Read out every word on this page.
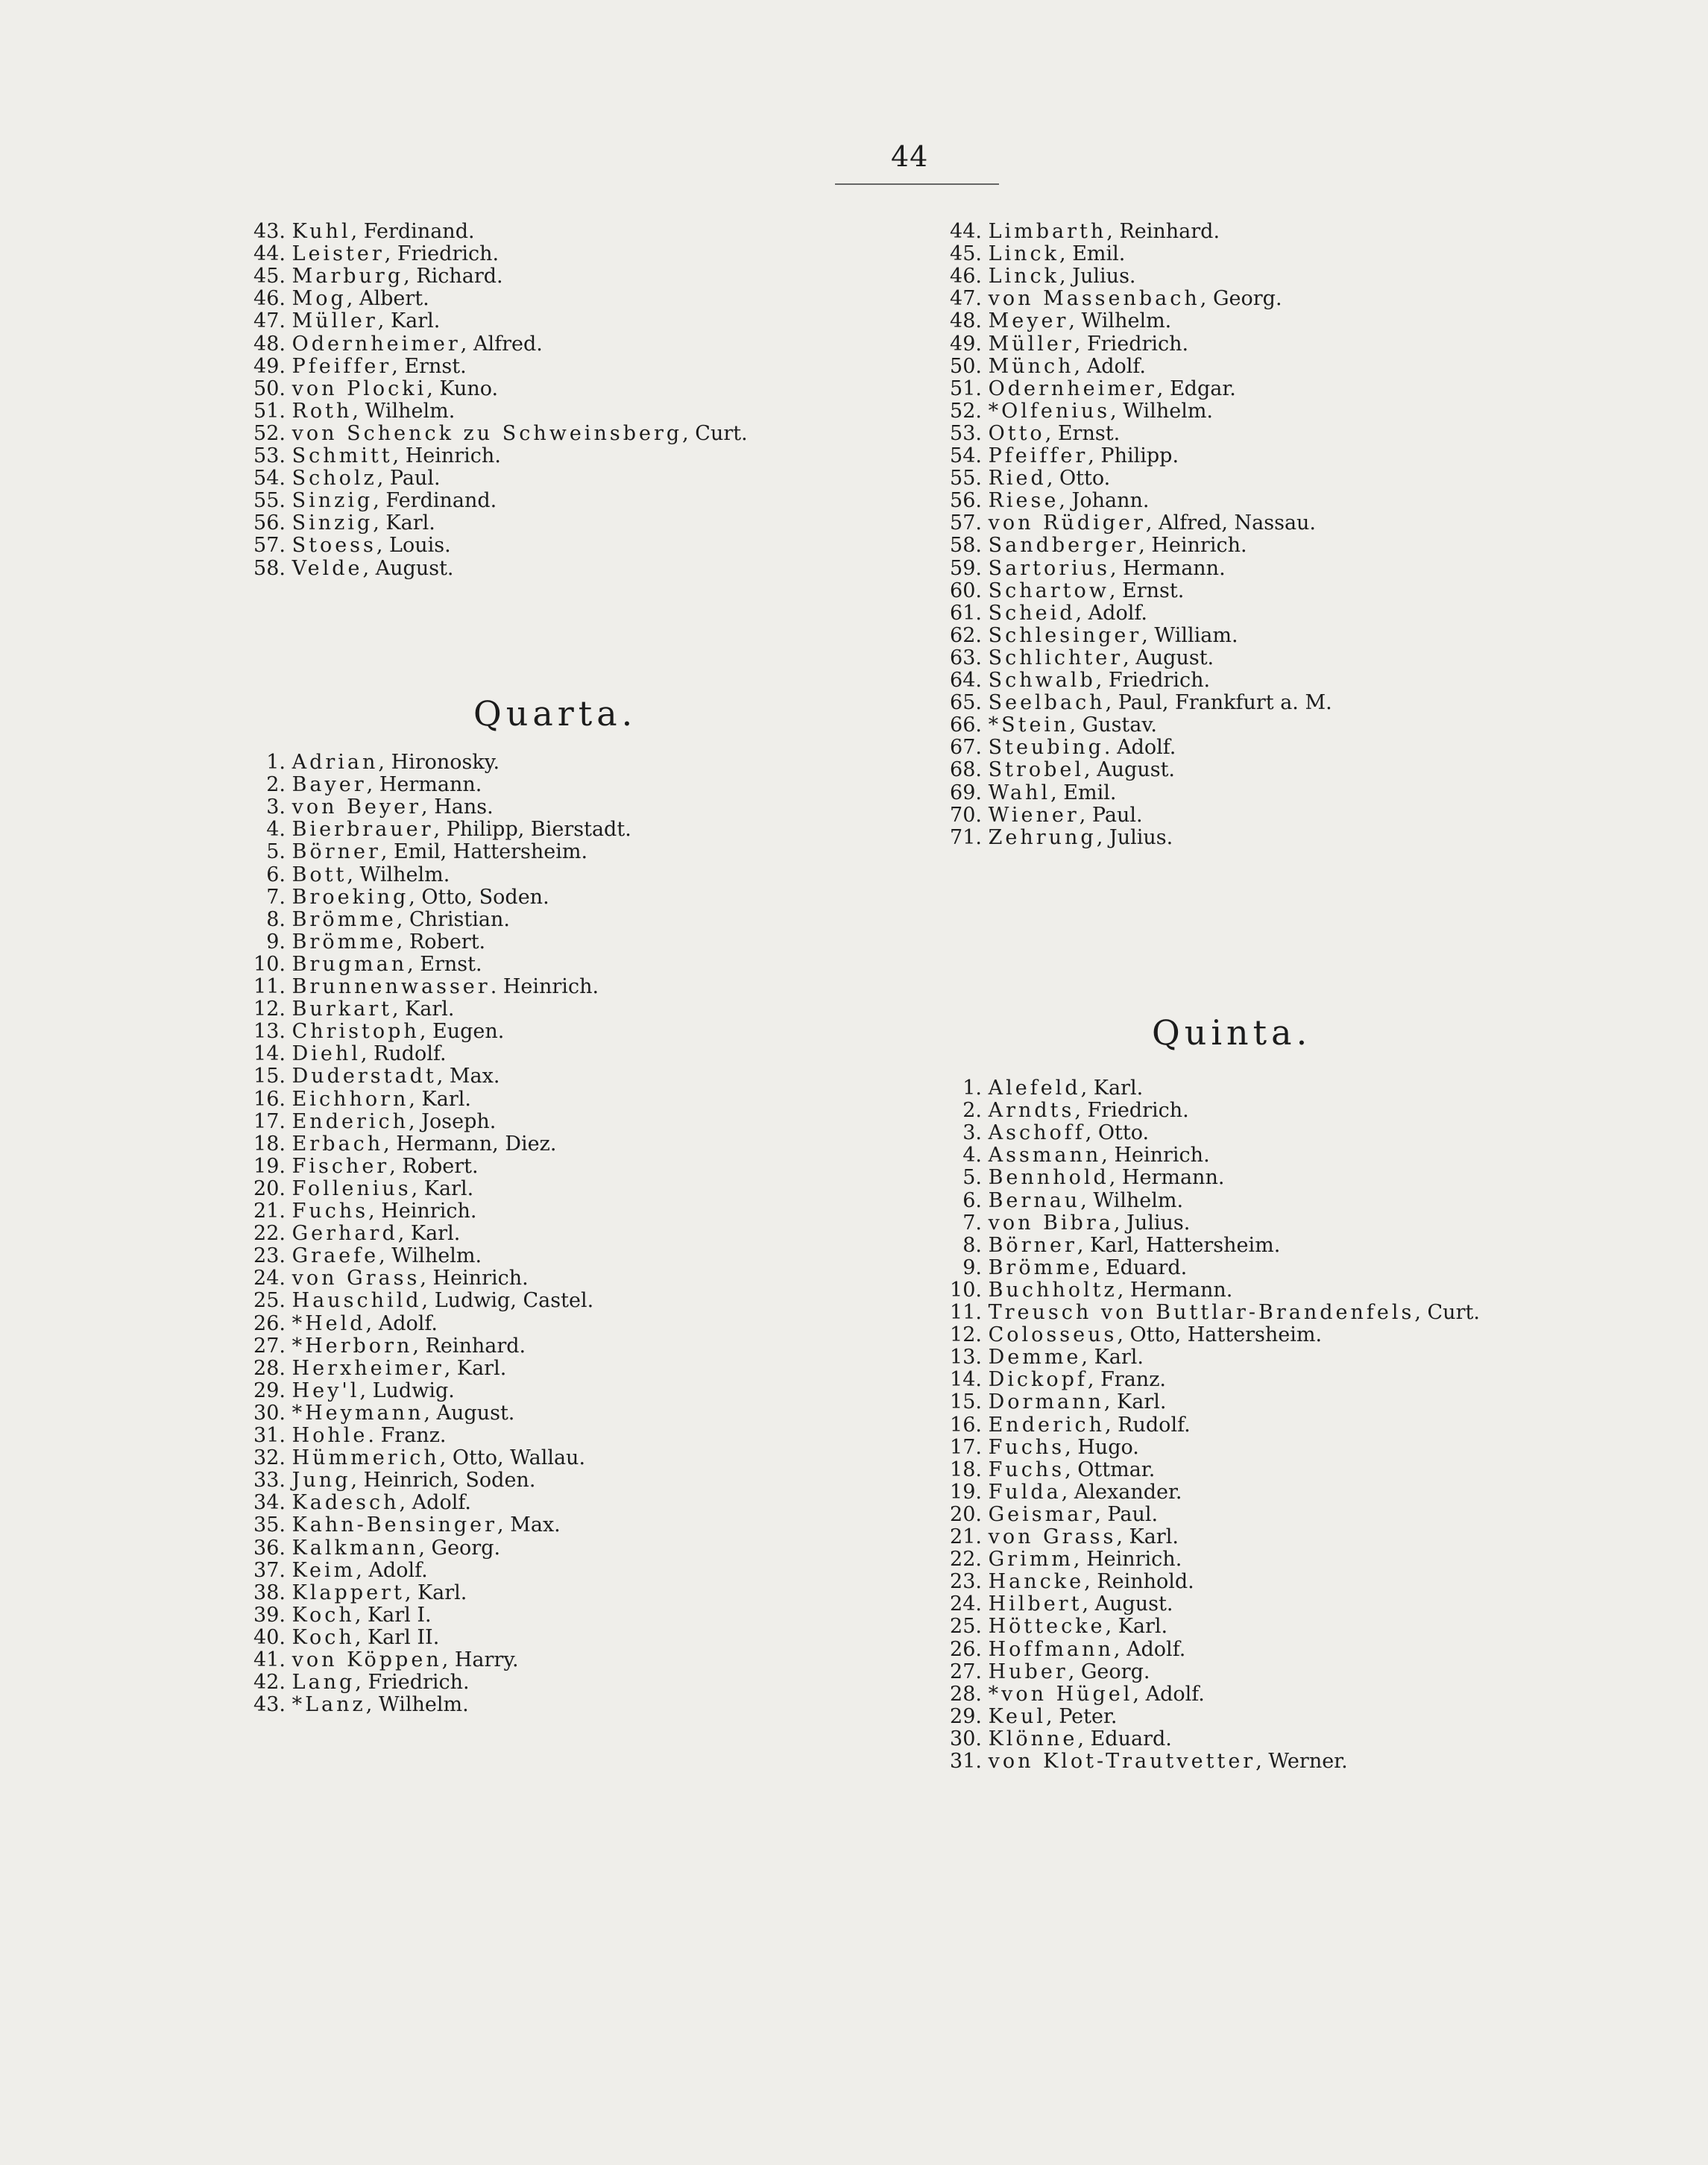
44
43. Kuhl, Ferdinand.
44. Leister, Friedrich.
45. Marburg, Richard.
46. Mog, Albert.
47. Müller, Karl.
48. Odernheimer, Alfred.
49. Pfeiffer, Ernst.
50. von Plocki, Kuno.
51. Roth, Wilhelm.
52. von Schenck zu Schweinsberg, Curt.
53. Schmitt, Heinrich.
54. Scholz, Paul.
55. Sinzig, Ferdinand.
56. Sinzig, Karl.
57. Stoess, Louis.
58. Velde, August.
1. Adrian, Hironosky.
2. Bayer, Hermann.
3. von Beyer, Hans.
4. Bierbrauer, Philipp, Bierstadt.
5. Börner, Emil, Hattersheim.
6. Bott, Wilhelm.
7. Broeking, Otto, Soden.
8. Brömme, Christian.
9. Brömme, Robert.
10. Brugman, Ernst.
11. Brunnenwasser. Heinrich.
12. Burkart, Karl.
13. Christoph, Eugen.
14. Diehl, Rudolf.
15. Duderstadt, Max.
16. Eichhorn, Karl.
17. Enderich, Joseph.
18. Erbach, Hermann, Diez.
19. Fischer, Robert.
20. Follenius, Karl.
21. Fuchs, Heinrich.
22. Gerhard, Karl.
23. Graefe, Wilhelm.
24. von Grass, Heinrich.
25. Hauschild, Ludwig, Castel.
26. *Held, Adolf.
27. *Herborn, Reinhard.
28. Herxheimer, Karl.
29. Hey'l, Ludwig.
30. *Heymann, August.
31. Hohle. Franz.
32. Hümmerich, Otto, Wallau.
33. Jung, Heinrich, Soden.
34. Kadesch, Adolf.
35. Kahn-Bensinger, Max.
36. Kalkmann, Georg.
37. Keim, Adolf.
38. Klappert, Karl.
39. Koch, Karl I.
40. Koch, Karl II.
41. von Köppen, Harry.
42. Lang, Friedrich.
43. *Lanz, Wilhelm.
44. Limbarth, Reinhard.
45. Linck, Emil.
46. Linck, Julius.
47. von Massenbach, Georg.
48. Meyer, Wilhelm.
49. Müller, Friedrich.
50. Münch, Adolf.
51. Odernheimer, Edgar.
52. *Olfenius, Wilhelm.
53. Otto, Ernst.
54. Pfeiffer, Philipp.
55. Ried, Otto.
56. Riese, Johann.
57. von Rüdiger, Alfred, Nassau.
58. Sandberger, Heinrich.
59. Sartorius, Hermann.
60. Schartow, Ernst.
61. Scheid, Adolf.
62. Schlesinger, William.
63. Schlichter, August.
64. Schwalb, Friedrich.
65. Seelbach, Paul, Frankfurt a. M.
66. *Stein, Gustav.
67. Steubing. Adolf.
68. Strobel, August.
69. Wahl, Emil.
70. Wiener, Paul.
71. Zehrung, Julius.
1. Alefeld, Karl.
2. Arndts, Friedrich.
3. Aschoff, Otto.
4. Assmann, Heinrich.
5. Bennhold, Hermann.
6. Bernau, Wilhelm.
7. von Bibra, Julius.
8. Börner, Karl, Hattersheim.
9. Brömme, Eduard.
10. Buchholtz, Hermann.
11. Treusch von Buttlar-Brandenfels, Curt.
12. Colosseus, Otto, Hattersheim.
13. Demme, Karl.
14. Dickopf, Franz.
15. Dormann, Karl.
16. Enderich, Rudolf.
17. Fuchs, Hugo.
18. Fuchs, Ottmar.
19. Fulda, Alexander.
20. Geismar, Paul.
21. von Grass, Karl.
22. Grimm, Heinrich.
23. Hancke, Reinhold.
24. Hilbert, August.
25. Höttecke, Karl.
26. Hoffmann, Adolf.
27. Huber, Georg.
28. *von Hügel, Adolf.
29. Keul, Peter.
30. Klönne, Eduard.
31. von Klot-Trautvetter, Werner.
Quarta.
Quinta.
